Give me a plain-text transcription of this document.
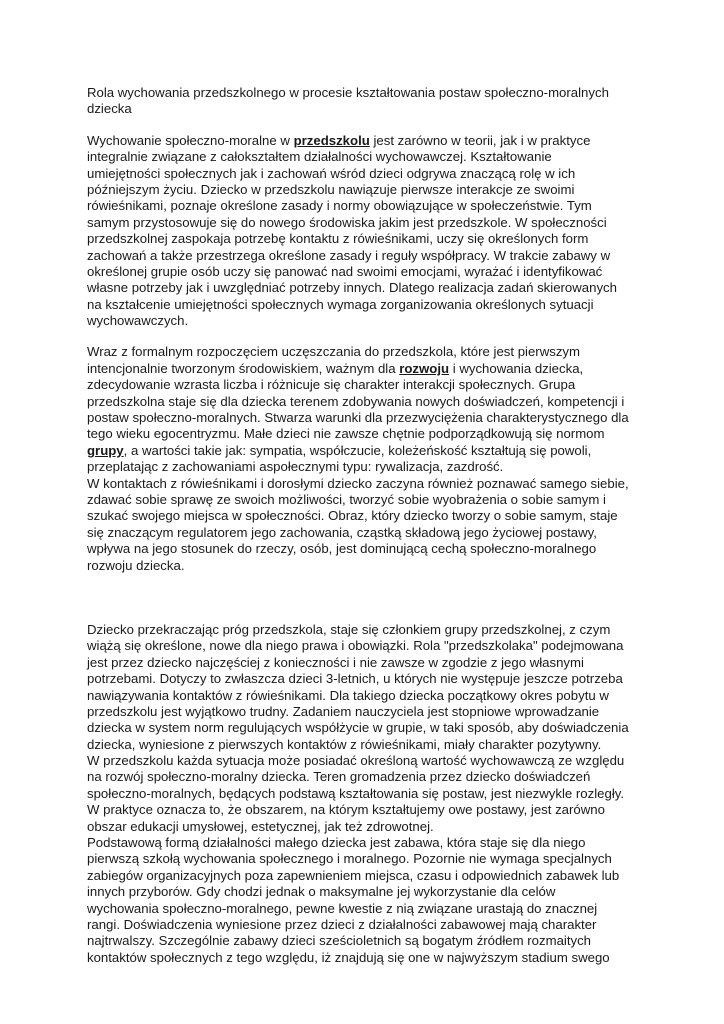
Rola wychowania przedszkolnego w procesie kształtowania postaw społeczno-moralnych
dziecka
Wychowanie społeczno-moralne w przedszkolu jest zarówno w teorii, jak i w praktyce
integralnie związane z całokształtem działalności wychowawczej. Kształtowanie
umiejętności społecznych jak i zachowań wśród dzieci odgrywa znaczącą rolę w ich
późniejszym życiu. Dziecko w przedszkolu nawiązuje pierwsze interakcje ze swoimi
rówieśnikami, poznaje określone zasady i normy obowiązujące w społeczeństwie. Tym
samym przystosowuje się do nowego środowiska jakim jest przedszkole. W społeczności
przedszkolnej zaspokaja potrzebę kontaktu z rówieśnikami, uczy się określonych form
zachowań a także przestrzega określone zasady i reguły współpracy. W trakcie zabawy w
określonej grupie osób uczy się panować nad swoimi emocjami, wyrażać i identyfikować
własne potrzeby jak i uwzględniać potrzeby innych. Dlatego realizacja zadań skierowanych
na kształcenie umiejętności społecznych wymaga zorganizowania określonych sytuacji
wychowawczych.
Wraz z formalnym rozpoczęciem uczęszczania do przedszkola, które jest pierwszym
intencjonalnie tworzonym środowiskiem, ważnym dla rozwoju i wychowania dziecka,
zdecydowanie wzrasta liczba i różnicuje się charakter interakcji społecznych. Grupa
przedszkolna staje się dla dziecka terenem zdobywania nowych doświadczeń, kompetencji i
postaw społeczno-moralnych. Stwarza warunki dla przezwyciężenia charakterystycznego dla
tego wieku egocentryzmu. Małe dzieci nie zawsze chętnie podporządkowują się normom
grupy, a wartości takie jak: sympatia, współczucie, koleżeńskość kształtują się powoli,
przeplatając z zachowaniami aspołecznymi typu: rywalizacja, zazdrość.
W kontaktach z rówieśnikami i dorosłymi dziecko zaczyna również poznawać samego siebie,
zdawać sobie sprawę ze swoich możliwości, tworzyć sobie wyobrażenia o sobie samym i
szukać swojego miejsca w społeczności. Obraz, który dziecko tworzy o sobie samym, staje
się znaczącym regulatorem jego zachowania, cząstką składową jego życiowej postawy,
wpływa na jego stosunek do rzeczy, osób, jest dominującą cechą społeczno-moralnego
rozwoju dziecka.
Dziecko przekraczając próg przedszkola, staje się członkiem grupy przedszkolnej, z czym
wiążą się określone, nowe dla niego prawa i obowiązki. Rola "przedszkolaka" podejmowana
jest przez dziecko najczęściej z konieczności i nie zawsze w zgodzie z jego własnymi
potrzebami. Dotyczy to zwłaszcza dzieci 3-letnich, u których nie występuje jeszcze potrzeba
nawiązywania kontaktów z rówieśnikami. Dla takiego dziecka początkowy okres pobytu w
przedszkolu jest wyjątkowo trudny. Zadaniem nauczyciela jest stopniowe wprowadzanie
dziecka w system norm regulujących współżycie w grupie, w taki sposób, aby doświadczenia
dziecka, wyniesione z pierwszych kontaktów z rówieśnikami, miały charakter pozytywny.
W przedszkolu każda sytuacja może posiadać określoną wartość wychowawczą ze względu
na rozwój społeczno-moralny dziecka. Teren gromadzenia przez dziecko doświadczeń
społeczno-moralnych, będących podstawą kształtowania się postaw, jest niezwykle rozległy.
W praktyce oznacza to, że obszarem, na którym kształtujemy owe postawy, jest zarówno
obszar edukacji umysłowej, estetycznej, jak też zdrowotnej.
Podstawową formą działalności małego dziecka jest zabawa, która staje się dla niego
pierwszą szkołą wychowania społecznego i moralnego. Pozornie nie wymaga specjalnych
zabiegów organizacyjnych poza zapewnieniem miejsca, czasu i odpowiednich zabawek lub
innych przyborów. Gdy chodzi jednak o maksymalne jej wykorzystanie dla celów
wychowania społeczno-moralnego, pewne kwestie z nią związane urastają do znacznej
rangi. Doświadczenia wyniesione przez dzieci z działalności zabawowej mają charakter
najtrwalszy. Szczególnie zabawy dzieci sześcioletnich są bogatym źródłem rozmaitych
kontaktów społecznych z tego względu, iż znajdują się one w najwyższym stadium swego
